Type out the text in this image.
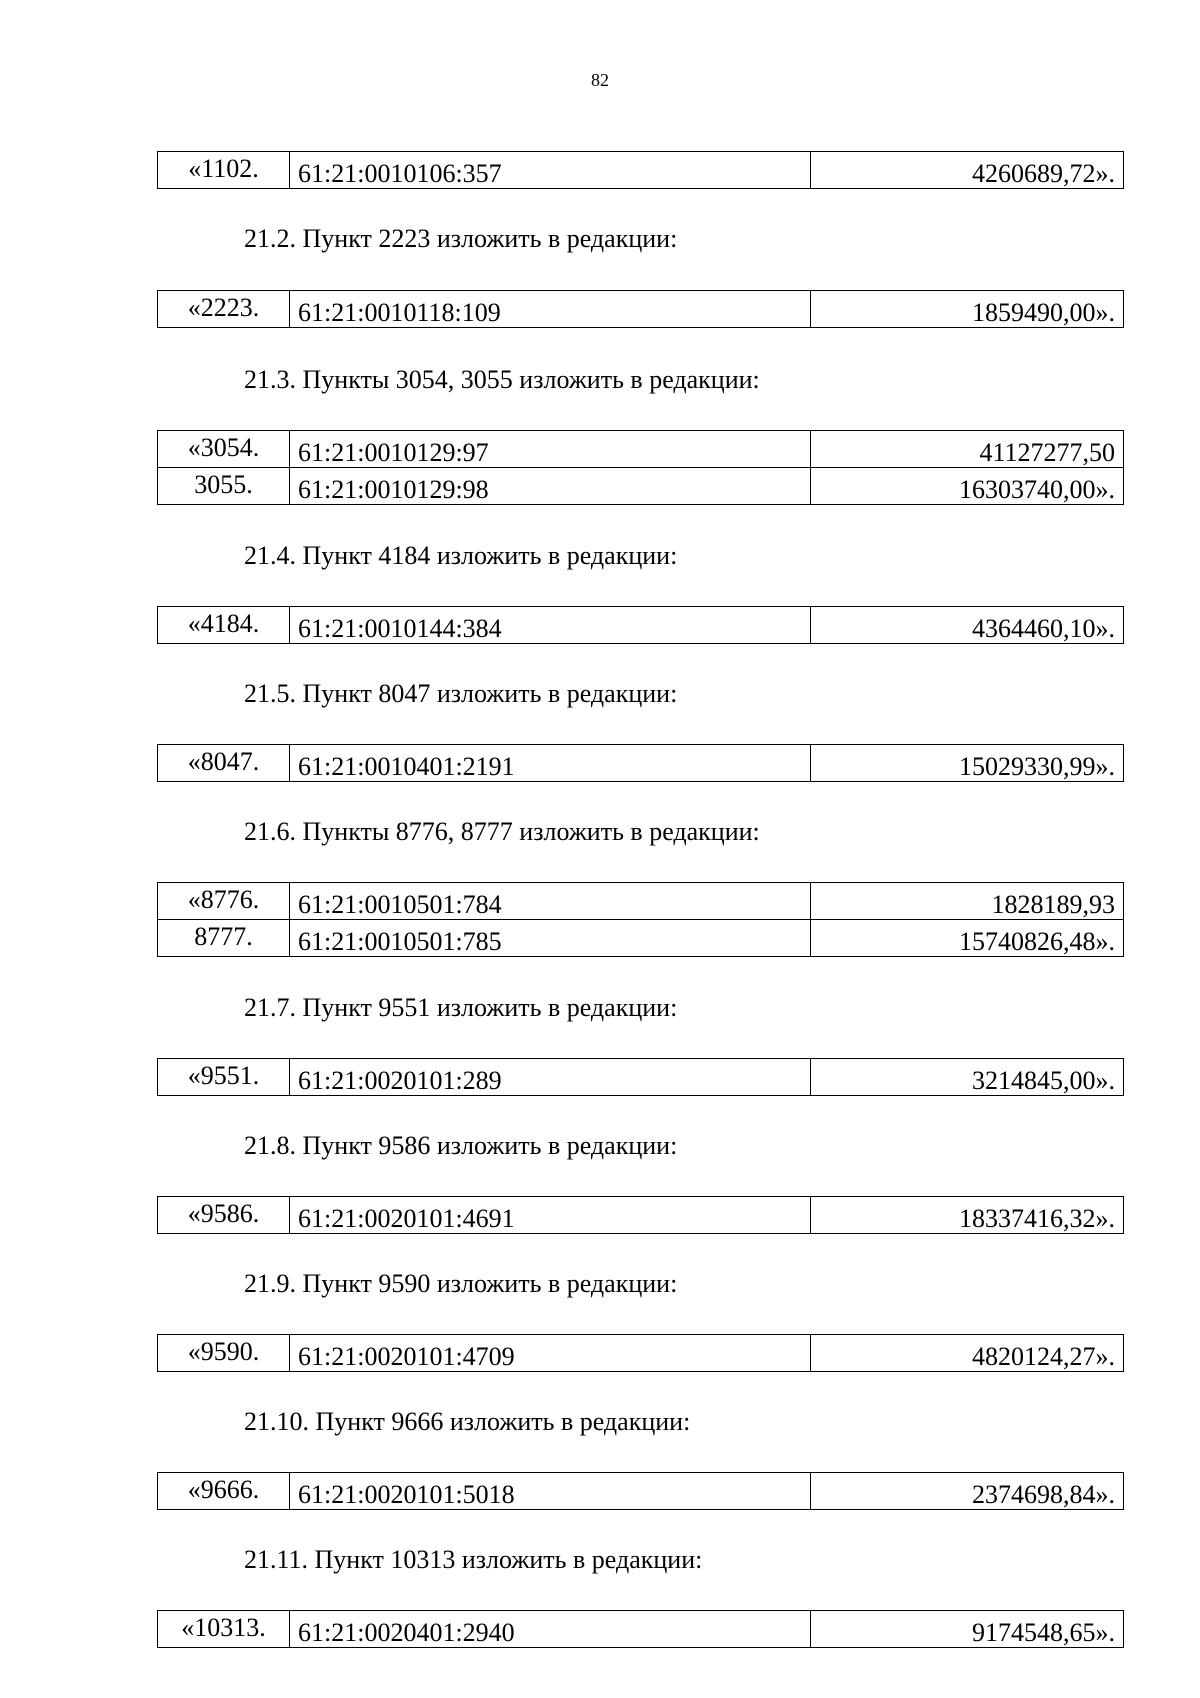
82
«1102.	61:21:0010106:357	4260689,72».

21.2. Пункт 2223 изложить в редакции:

«2223.	61:21:0010118:109	1859490,00».

21.3. Пункты 3054, 3055 изложить в редакции:

«3054.	61:21:0010129:97	41127277,50
3055.	61:21:0010129:98	16303740,00».

21.4. Пункт 4184 изложить в редакции:

«4184.	61:21:0010144:384	4364460,10».

21.5. Пункт 8047 изложить в редакции:

«8047.	61:21:0010401:2191	15029330,99».

21.6. Пункты 8776, 8777 изложить в редакции:

«8776.	61:21:0010501:784	1828189,93
8777.	61:21:0010501:785	15740826,48».

21.7. Пункт 9551 изложить в редакции:

«9551.	61:21:0020101:289	3214845,00».

21.8. Пункт 9586 изложить в редакции:

«9586.	61:21:0020101:4691	18337416,32».

21.9. Пункт 9590 изложить в редакции:

«9590.	61:21:0020101:4709	4820124,27».

21.10. Пункт 9666 изложить в редакции:

«9666.	61:21:0020101:5018	2374698,84».

21.11. Пункт 10313 изложить в редакции:

«10313.	61:21:0020401:2940	9174548,65».
